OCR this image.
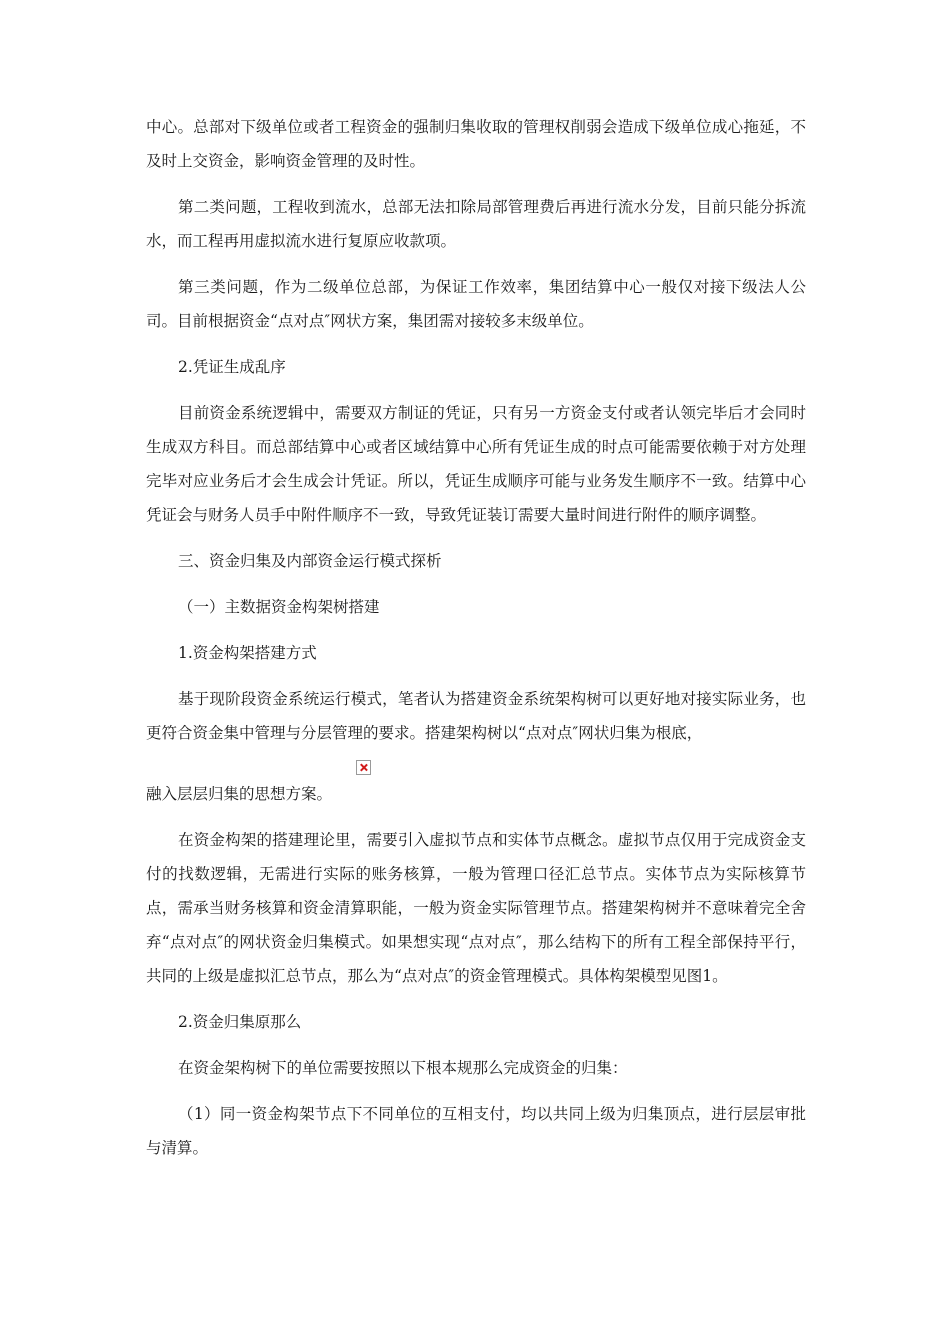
中心。总部对下级单位或者工程资金的强制归集收取的管理权削弱会造成下级单位成心拖延，不及时上交资金，影响资金管理的及时性。

第二类问题，工程收到流水，总部无法扣除局部管理费后再进行流水分发，目前只能分拆流水，而工程再用虚拟流水进行复原应收款项。

第三类问题，作为二级单位总部，为保证工作效率，集团结算中心一般仅对接下级法人公司。目前根据资金“点对点″网状方案，集团需对接较多末级单位。

2.凭证生成乱序

目前资金系统逻辑中，需要双方制证的凭证，只有另一方资金支付或者认领完毕后才会同时生成双方科目。而总部结算中心或者区域结算中心所有凭证生成的时点可能需要依赖于对方处理完毕对应业务后才会生成会计凭证。所以，凭证生成顺序可能与业务发生顺序不一致。结算中心凭证会与财务人员手中附件顺序不一致，导致凭证装订需要大量时间进行附件的顺序调整。

三、资金归集及内部资金运行模式探析

（一）主数据资金构架树搭建

1.资金构架搭建方式

基于现阶段资金系统运行模式，笔者认为搭建资金系统架构树可以更好地对接实际业务，也更符合资金集中管理与分层管理的要求。搭建架构树以“点对点″网状归集为根底，

融入层层归集的思想方案。

在资金构架的搭建理论里，需要引入虚拟节点和实体节点概念。虚拟节点仅用于完成资金支付的找数逻辑，无需进行实际的账务核算，一般为管理口径汇总节点。实体节点为实际核算节点，需承当财务核算和资金清算职能，一般为资金实际管理节点。搭建架构树并不意味着完全舍弃“点对点″的网状资金归集模式。如果想实现“点对点″，那么结构下的所有工程全部保持平行，共同的上级是虚拟汇总节点，那么为“点对点″的资金管理模式。具体构架模型见图1。

2.资金归集原那么

在资金架构树下的单位需要按照以下根本规那么完成资金的归集：

（1）同一资金构架节点下不同单位的互相支付，均以共同上级为归集顶点，进行层层审批与清算。
